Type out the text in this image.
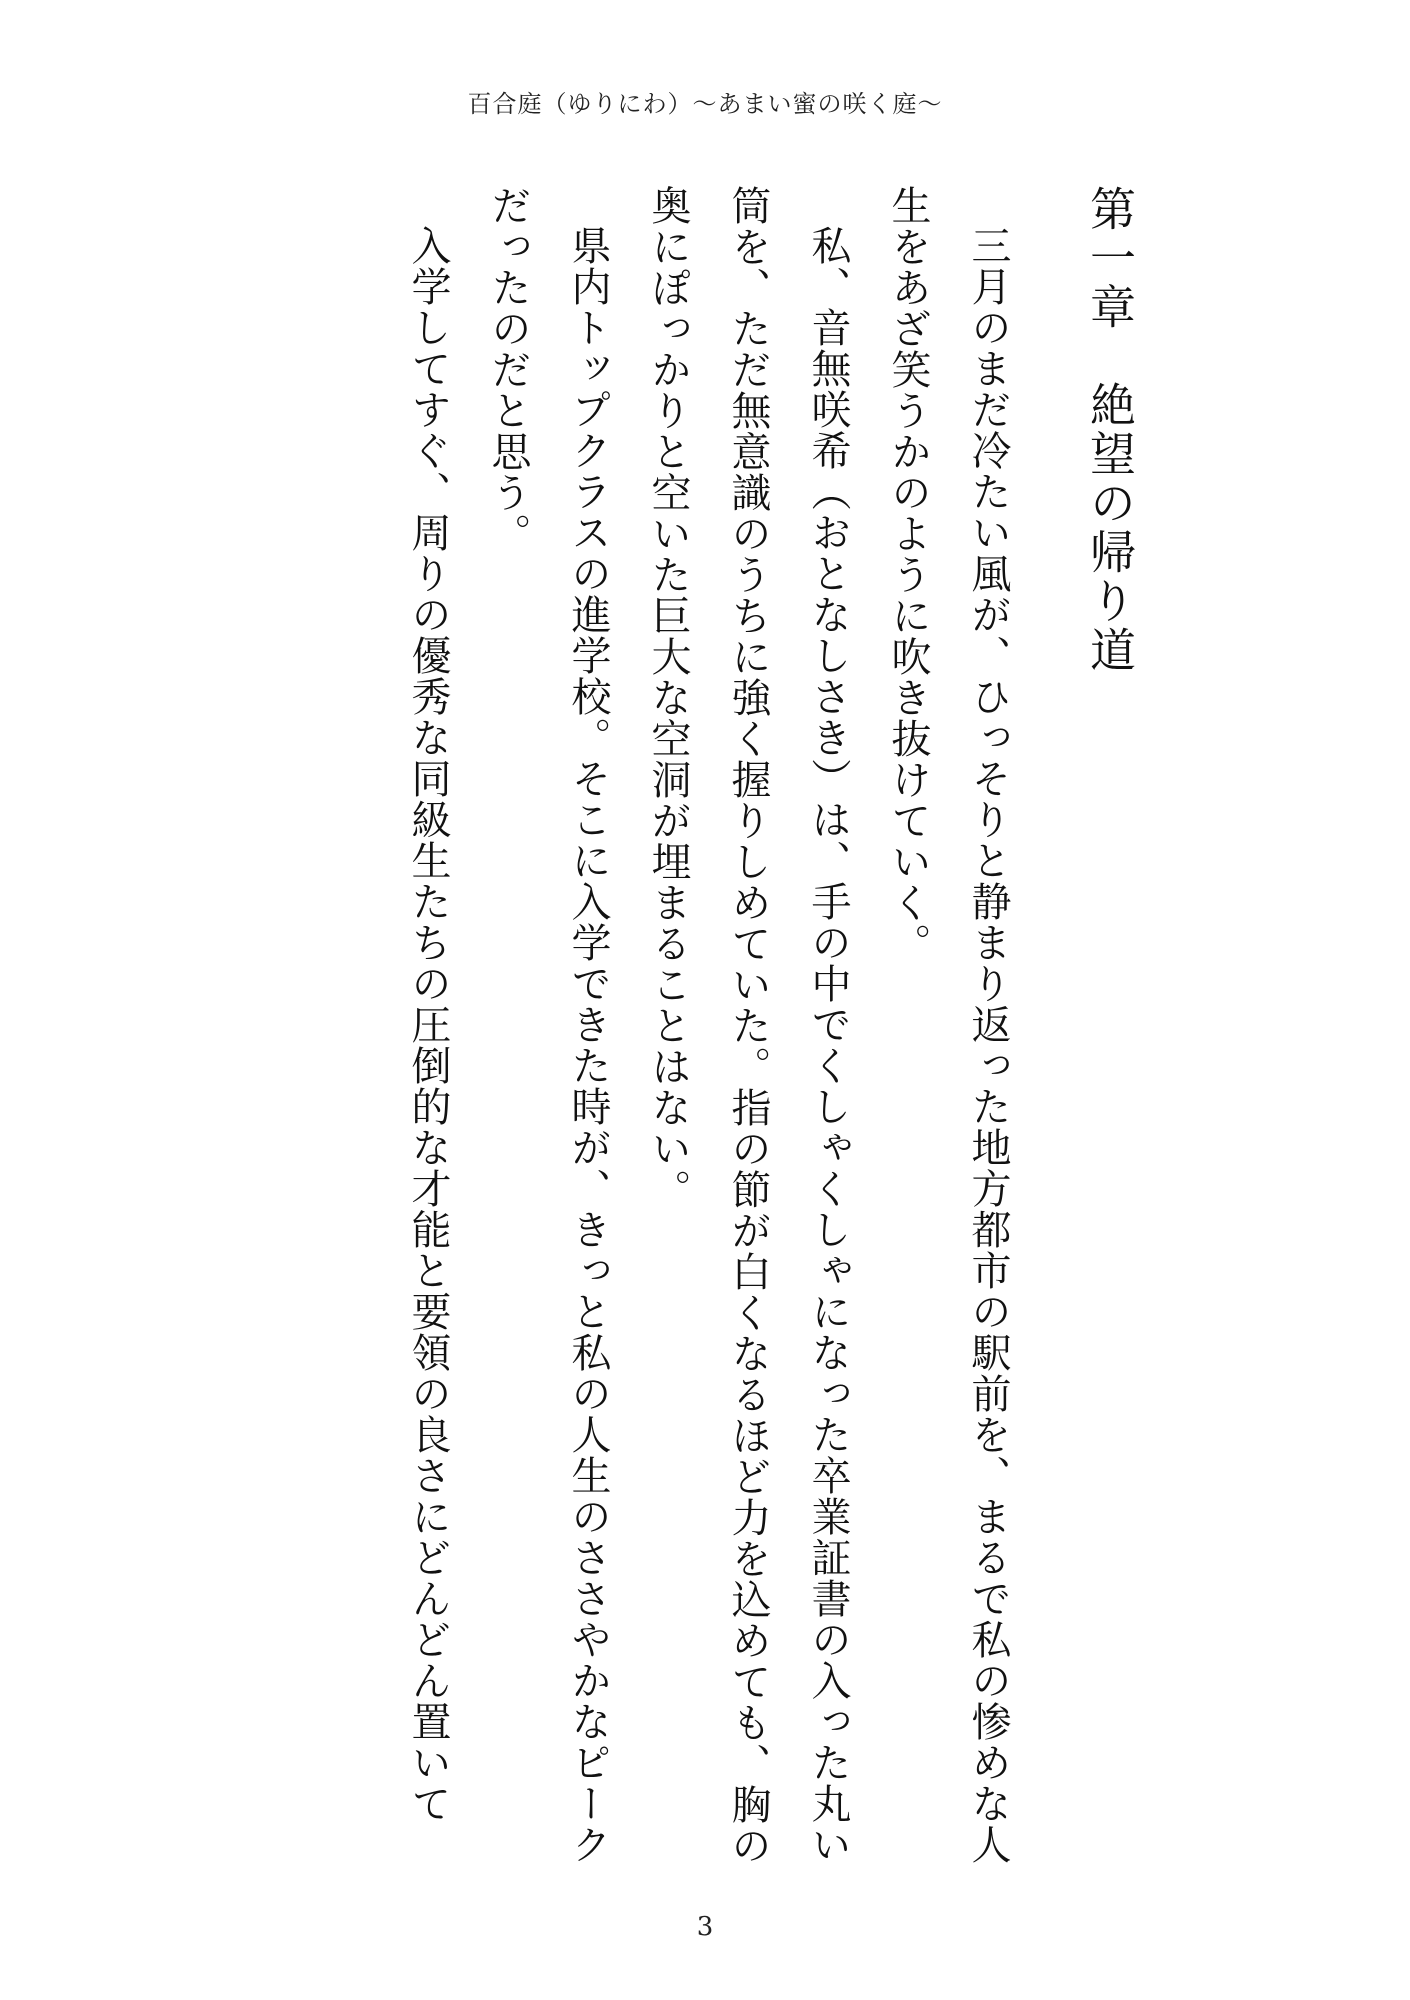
百合庭（ゆりにわ）〜あまい蜜の咲く庭〜
第一章　絶望の帰り道

三月のまだ冷たい風が、ひっそりと静まり返った地方都市の駅前を、まるで私の惨めな人生をあざ笑うかのように吹き抜けていく。

私、音無咲希（おとなしさき）は、手の中でくしゃくしゃになった卒業証書の入った丸い筒を、ただ無意識のうちに強く握りしめていた。指の節が白くなるほど力を込めても、胸の奥にぽっかりと空いた巨大な空洞が埋まることはない。

県内トップクラスの進学校。そこに入学できた時が、きっと私の人生のささやかなピークだったのだと思う。

入学してすぐ、周りの優秀な同級生たちの圧倒的な才能と要領の良さにどんどん置いて

3
